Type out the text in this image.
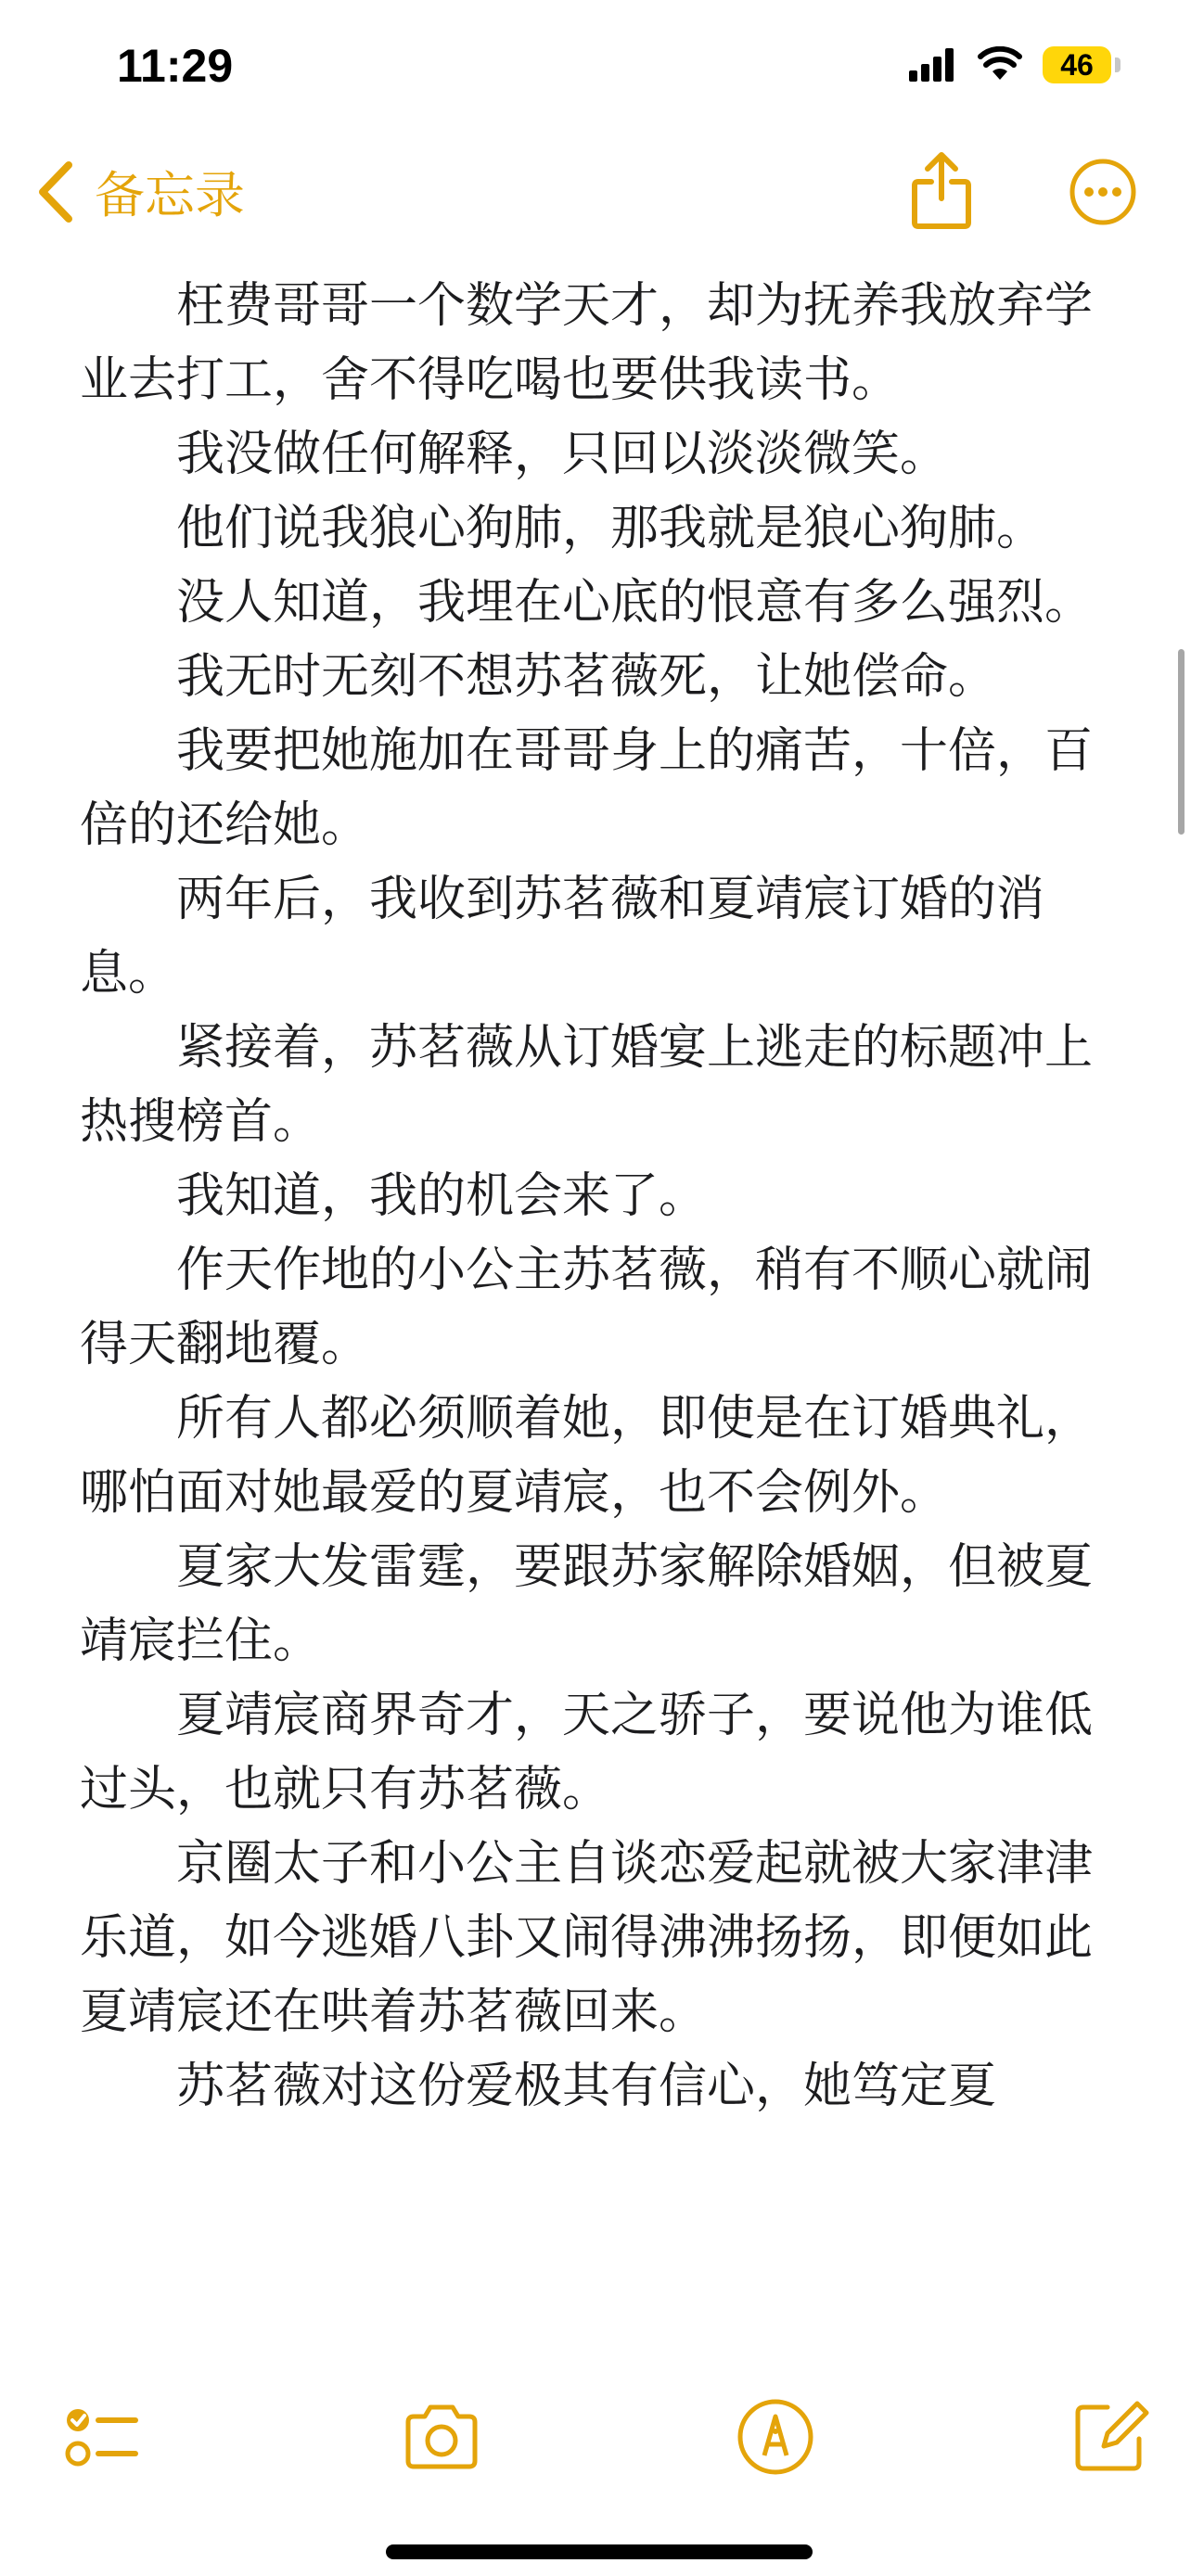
11:29	46
备忘录

枉费哥哥一个数学天才，却为抚养我放弃学业去打工，舍不得吃喝也要供我读书。

我没做任何解释，只回以淡淡微笑。

他们说我狼心狗肺，那我就是狼心狗肺。

没人知道，我埋在心底的恨意有多么强烈。

我无时无刻不想苏茗薇死，让她偿命。

我要把她施加在哥哥身上的痛苦，十倍，百倍的还给她。

两年后，我收到苏茗薇和夏靖宸订婚的消息。

紧接着，苏茗薇从订婚宴上逃走的标题冲上热搜榜首。

我知道，我的机会来了。

作天作地的小公主苏茗薇，稍有不顺心就闹得天翻地覆。

所有人都必须顺着她，即使是在订婚典礼，哪怕面对她最爱的夏靖宸，也不会例外。

夏家大发雷霆，要跟苏家解除婚姻，但被夏靖宸拦住。

夏靖宸商界奇才，天之骄子，要说他为谁低过头，也就只有苏茗薇。

京圈太子和小公主自谈恋爱起就被大家津津乐道，如今逃婚八卦又闹得沸沸扬扬，即便如此夏靖宸还在哄着苏茗薇回来。

苏茗薇对这份爱极其有信心，她笃定夏
